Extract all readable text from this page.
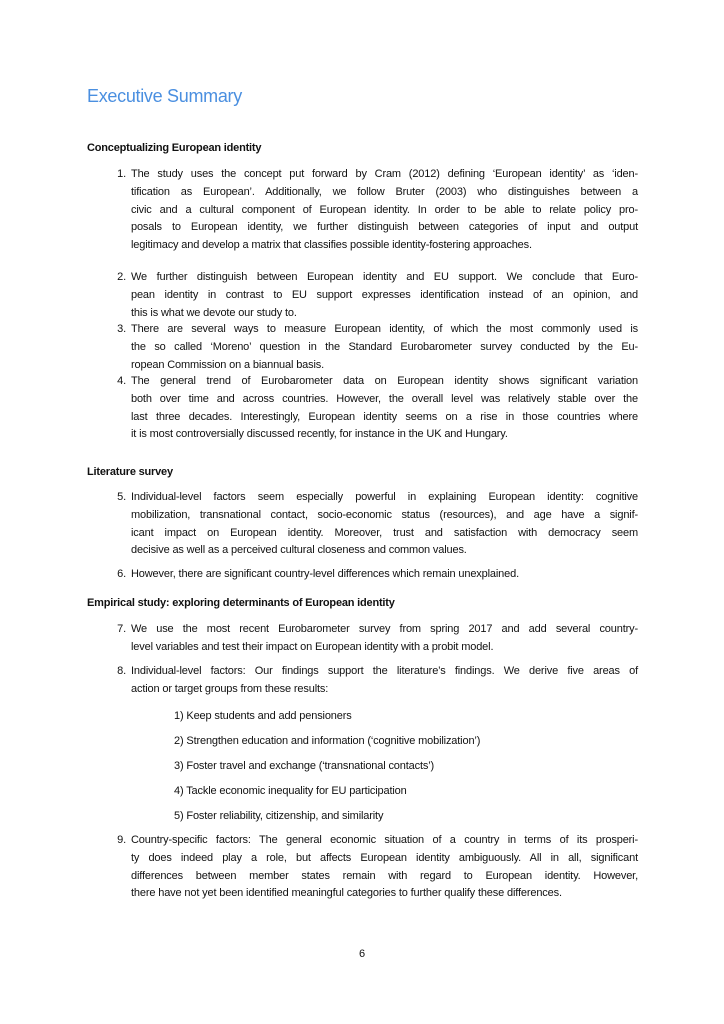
Executive Summary
Conceptualizing European identity
Literature survey
Empirical study: exploring determinants of European identity
1. The study uses the concept put forward by Cram (2012) defining ‘European identity’ as ‘iden-
tification as European’. Additionally, we follow Bruter (2003) who distinguishes between a
civic and a cultural component of European identity. In order to be able to relate policy pro-
posals to European identity, we further distinguish between categories of input and output
legitimacy and develop a matrix that classifies possible identity-fostering approaches.
2. We further distinguish between European identity and EU support. We conclude that Euro-
pean identity in contrast to EU support expresses identification instead of an opinion, and
this is what we devote our study to.
3. There are several ways to measure European identity, of which the most commonly used is
the so called ‘Moreno’ question in the Standard Eurobarometer survey conducted by the Eu-
ropean Commission on a biannual basis.
4. The general trend of Eurobarometer data on European identity shows significant variation
both over time and across countries. However, the overall level was relatively stable over the
last three decades. Interestingly, European identity seems on a rise in those countries where
it is most controversially discussed recently, for instance in the UK and Hungary.
5. Individual-level factors seem especially powerful in explaining European identity: cognitive
mobilization, transnational contact, socio-economic status (resources), and age have a signif-
icant impact on European identity. Moreover, trust and satisfaction with democracy seem
decisive as well as a perceived cultural closeness and common values.
6. However, there are significant country-level differences which remain unexplained.
7. We use the most recent Eurobarometer survey from spring 2017 and add several country-
level variables and test their impact on European identity with a probit model.
8. Individual-level factors: Our findings support the literature’s findings. We derive five areas of
action or target groups from these results:
9. Country-specific factors: The general economic situation of a country in terms of its prosperi-
ty does indeed play a role, but affects European identity ambiguously. All in all, significant
differences between member states remain with regard to European identity. However,
there have not yet been identified meaningful categories to further qualify these differences.
1) Keep students and add pensioners
2) Strengthen education and information (‘cognitive mobilization’)
3) Foster travel and exchange (‘transnational contacts’)
4) Tackle economic inequality for EU participation
5) Foster reliability, citizenship, and similarity
6
